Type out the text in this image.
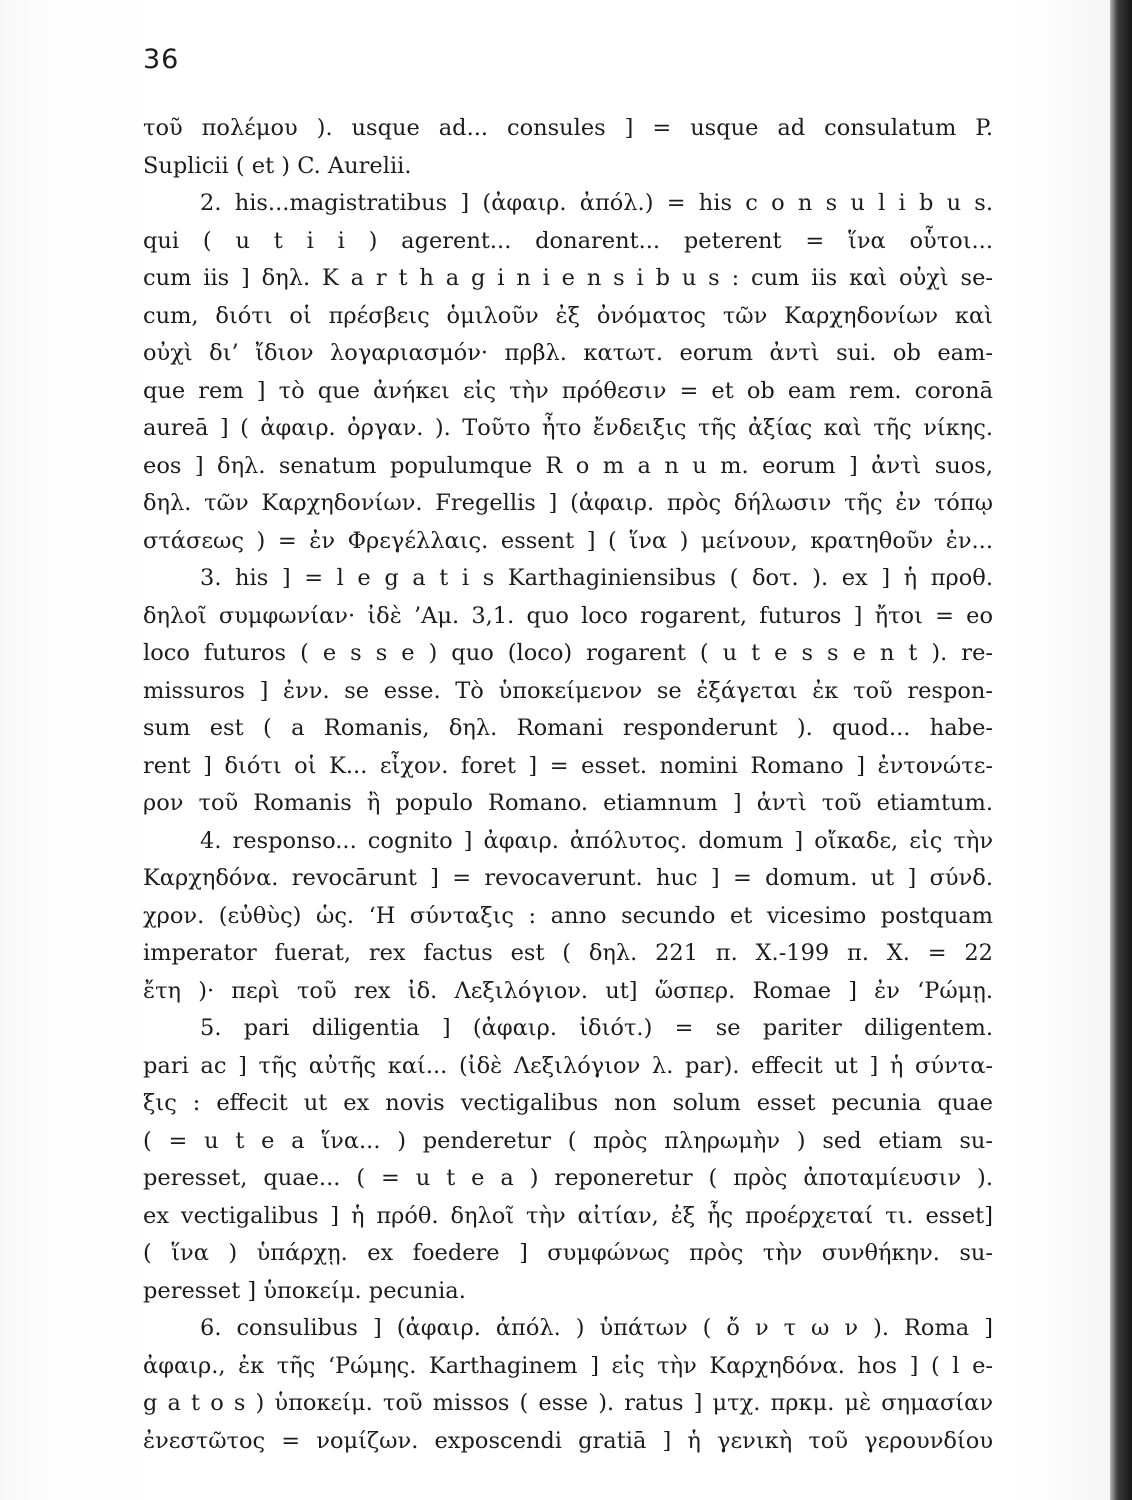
36
τοῦ πολέμου ). usque ad... consules ] = usque ad consulatum P.
Suplicii ( et ) C. Aurelii.
2. his...magistratibus ] (ἀφαιρ. ἀπόλ.) = his c o n s u l i b u s.
qui ( u t i i ) agerent... donarent... peterent = ἵνα οὗτοι...
cum iis ] δηλ. K a r t h a g i n i e n s i b u s : cum iis καὶ οὐχὶ se-
cum, διότι οἱ πρέσβεις ὁμιλοῦν ἐξ ὀνόματος τῶν Καρχηδονίων καὶ
οὐχὶ δι’ ἴδιον λογαριασμόν· πρβλ. κατωτ. eorum ἀντὶ sui. ob eam-
que rem ] τὸ que ἀνήκει εἰς τὴν πρόθεσιν = et ob eam rem. coronā
aureā ] ( ἀφαιρ. ὀργαν. ). Τοῦτο ἦτο ἔνδειξις τῆς ἀξίας καὶ τῆς νίκης.
eos ] δηλ. senatum populumque R o m a n u m. eorum ] ἀντὶ suos,
δηλ. τῶν Καρχηδονίων. Fregellis ] (ἀφαιρ. πρὸς δήλωσιν τῆς ἐν τόπῳ
στάσεως ) = ἐν Φρεγέλλαις. essent ] ( ἵνα ) μείνουν, κρατηθοῦν ἐν...
3. his ] = l e g a t i s Karthaginiensibus ( δοτ. ). ex ] ἡ προθ.
δηλοῖ συμφωνίαν· ἰδὲ ’Αμ. 3,1. quo loco rogarent, futuros ] ἤτοι = eo
loco futuros ( e s s e ) quo (loco) rogarent ( u t e s s e n t ). re-
missuros ] ἐνν. se esse. Τὸ ὑποκείμενον se ἐξάγεται ἐκ τοῦ respon-
sum est ( a Romanis, δηλ. Romani responderunt ). quod... habe-
rent ] διότι οἱ Κ... εἶχον. foret ] = esset. nomini Romano ] ἐντονώτε-
ρον τοῦ Romanis ἢ populo Romano. etiamnum ] ἀντὶ τοῦ etiamtum.
4. responso... cognito ] ἀφαιρ. ἀπόλυτος. domum ] οἴκαδε, εἰς τὴν
Καρχηδόνα. revocārunt ] = revocaverunt. huc ] = domum. ut ] σύνδ.
χρον. (εὐθὺς) ὡς. ‘Η σύνταξις : anno secundo et vicesimo postquam
imperator fuerat, rex factus est ( δηλ. 221 π. Χ.-199 π. Χ. = 22
ἔτη )· περὶ τοῦ rex ἰδ. Λεξιλόγιον. ut] ὥσπερ. Romae ] ἐν ‘Ρώμῃ.
5. pari diligentia ] (ἀφαιρ. ἰδιότ.) = se pariter diligentem.
pari ac ] τῆς αὐτῆς καί... (ἰδὲ Λεξιλόγιον λ. par). effecit ut ] ἡ σύντα-
ξις : effecit ut ex novis vectigalibus non solum esset pecunia quae
( = u t e a ἵνα... ) penderetur ( πρὸς πληρωμὴν ) sed etiam su-
peresset, quae... ( = u t e a ) reponeretur ( πρὸς ἀποταμίευσιν ).
ex vectigalibus ] ἡ πρόθ. δηλοῖ τὴν αἰτίαν, ἐξ ἧς προέρχεταί τι. esset]
( ἵνα ) ὑπάρχῃ. ex foedere ] συμφώνως πρὸς τὴν συνθήκην. su-
peresset ] ὑποκείμ. pecunia.
6. consulibus ] (ἀφαιρ. ἀπόλ. ) ὑπάτων ( ὄ ν τ ω ν ). Roma ]
ἀφαιρ., ἐκ τῆς ‘Ρώμης. Karthaginem ] εἰς τὴν Καρχηδόνα. hos ] ( l e-
g a t o s ) ὑποκείμ. τοῦ missos ( esse ). ratus ] μτχ. πρκμ. μὲ σημασίαν
ἐνεστῶτος = νομίζων. exposcendi gratiā ] ἡ γενικὴ τοῦ γερουνδίου
